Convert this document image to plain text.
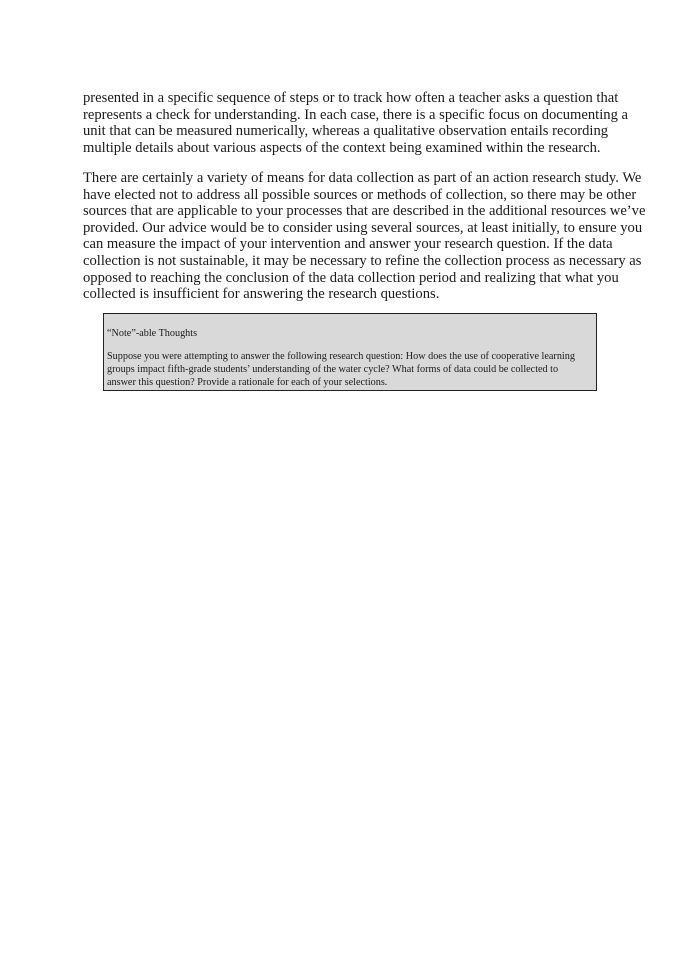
presented in a specific sequence of steps or to track how often a teacher asks a question that
represents a check for understanding. In each case, there is a specific focus on documenting a
unit that can be measured numerically, whereas a qualitative observation entails recording
multiple details about various aspects of the context being examined within the research.
There are certainly a variety of means for data collection as part of an action research study. We
have elected not to address all possible sources or methods of collection, so there may be other
sources that are applicable to your processes that are described in the additional resources we’ve
provided. Our advice would be to consider using several sources, at least initially, to ensure you
can measure the impact of your intervention and answer your research question. If the data
collection is not sustainable, it may be necessary to refine the collection process as necessary as
opposed to reaching the conclusion of the data collection period and realizing that what you
collected is insufficient for answering the research questions.
“Note”-able Thoughts
Suppose you were attempting to answer the following research question: How does the use of cooperative learning
groups impact fifth-grade students’ understanding of the water cycle? What forms of data could be collected to
answer this question? Provide a rationale for each of your selections.
